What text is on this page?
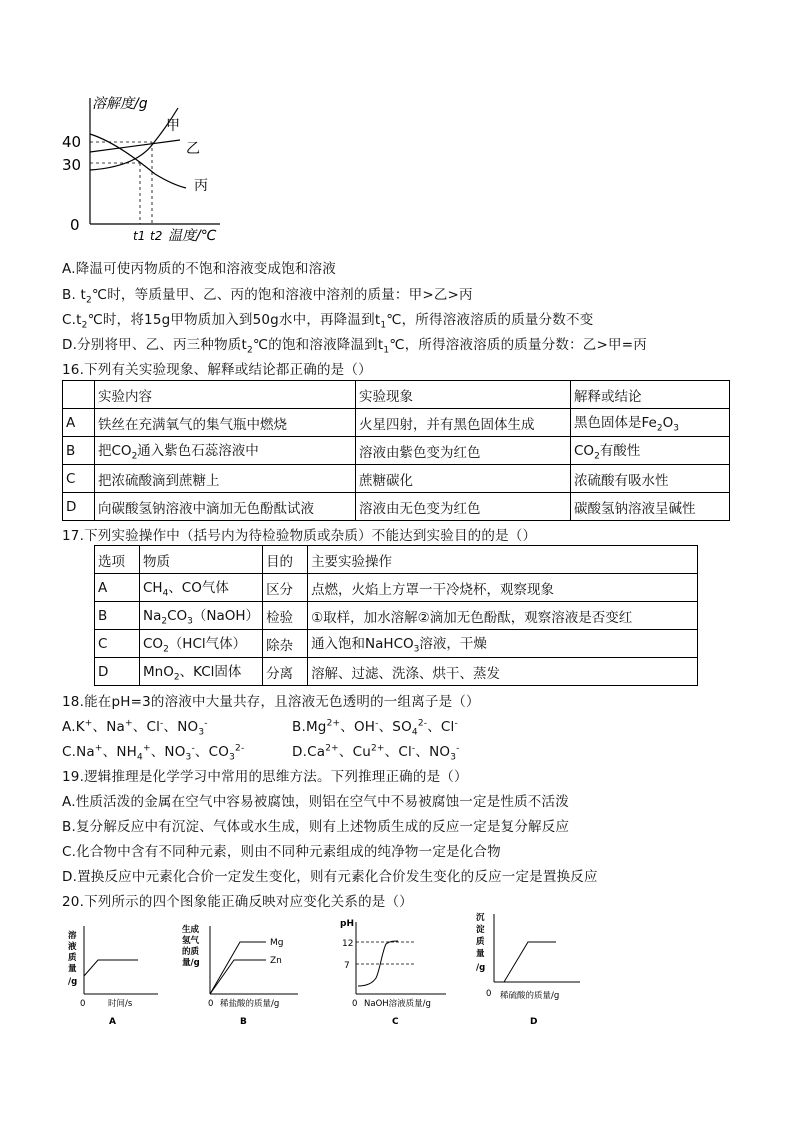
溶解度/g
40
30
0
甲
乙
丙
t1 t2 温度/℃
A.降温可使丙物质的不饱和溶液变成饱和溶液
B. $t_2℃$时，等质量甲、乙、丙的饱和溶液中溶剂的质量：甲>乙>丙
$C.t_2℃$时，将15g甲物质加入到50g水中，再降温到$t_1℃$，所得溶液溶质的质量分数不变
D.分别将甲、乙、丙三种物质$t_2℃$的饱和溶液降温到$t_1℃$，所得溶液溶质的质量分数：乙>甲=丙
16.下列有关实验现象、解释或结论都正确的是（）
	实验内容	实验现象	解释或结论
A	铁丝在充满氧气的集气瓶中燃烧	火星四射，并有黑色固体生成	黑色固体是$Fe_2O_3$
B	把$CO_2$通入紫色石蕊溶液中	溶液由紫色变为红色	$CO_2$有酸性
C	把浓硫酸滴到蔗糖上	蔗糖碳化	浓硫酸有吸水性
D	向碳酸氢钠溶液中滴加无色酚酞试液	溶液由无色变为红色	碳酸氢钠溶液呈碱性
17.下列实验操作中（括号内为待检验物质或杂质）不能达到实验目的的是（）
选项	物质	目的	主要实验操作
A	$CH_4$、CO气体	区分	点燃，火焰上方罩一干冷烧杯，观察现象
B	$Na_2CO_3(NaOH)$	检验	①取样，加水溶解②滴加无色酚酞，观察溶液是否变红
C	$CO_2(HCl$气体）	除杂	通入饱和NaHCO$_3$溶液，干燥
D	MnO$_2$、KCl固体	分离	溶解、过滤、洗涤、烘干、蒸发
18.能在pH=3的溶液中大量共存，且溶液无色透明的一组离子是（）
A.K+、Na+、Cl-、$NO_3^-$	$B.Mg^{2+}$、OH-、$SO_4^{2-}$、Cl-
C.Na+、$NH_4^+$、$NO_3^-$、$CO_3^{2-}$	$D.Ca^{2+}$、$Cu^{2+}$、Cl-、$NO_3^-$
19.逻辑推理是化学学习中常用的思维方法。下列推理正确的是（）
A.性质活泼的金属在空气中容易被腐蚀，则铝在空气中不易被腐蚀一定是性质不活泼
B.复分解反应中有沉淀、气体或水生成，则有上述物质生成的反应一定是复分解反应
C.化合物中含有不同种元素，则由不同种元素组成的纯净物一定是化合物
D.置换反应中元素化合价一定发生变化，则有元素化合价发生变化的反应一定是置换反应
20.下列所示的四个图象能正确反映对应变化关系的是（）
溶
液
质
量
/g
0	时间/s
A
生成
氢气
的质
量/g
Mg
Zn
0 稀盐酸的质量/g
B
pH
12
7
0 NaOH溶液质量/g
C
沉
淀
质
量
/g
0 稀硫酸的质量/g
D
